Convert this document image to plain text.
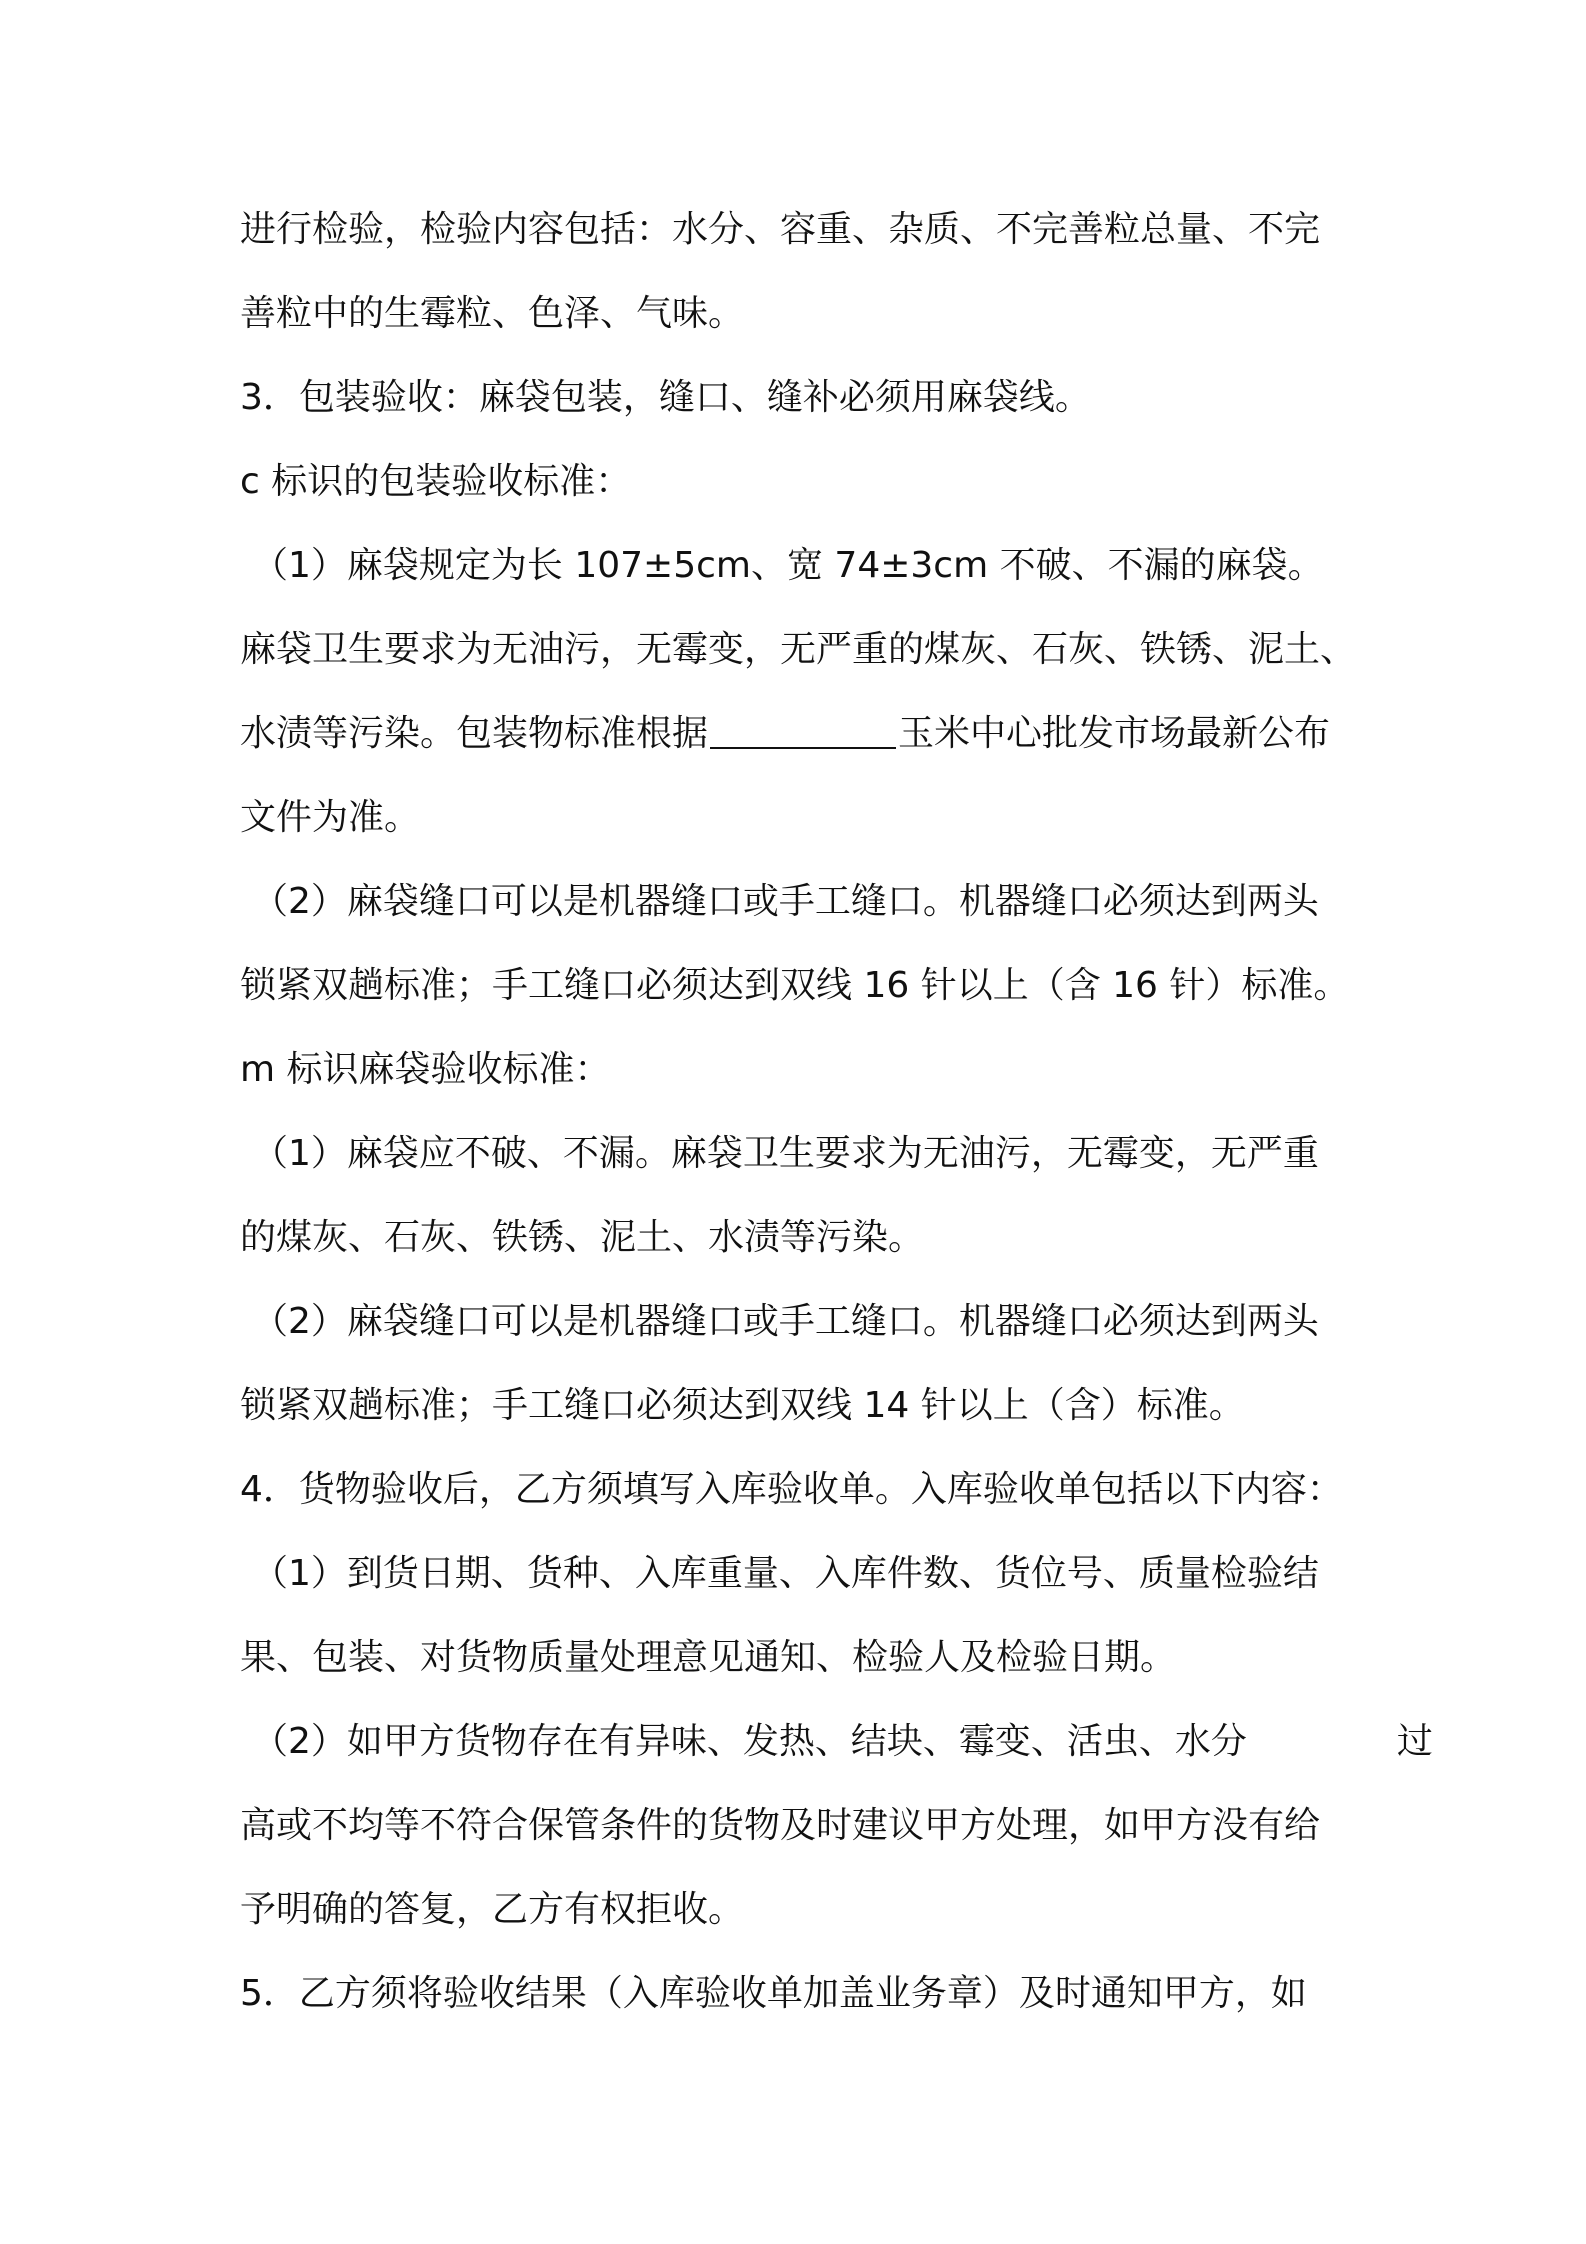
进行检验，检验内容包括：水分、容重、杂质、不完善粒总量、不完
善粒中的生霉粒、色泽、气味。
3．包装验收：麻袋包装，缝口、缝补必须用麻袋线。
c 标识的包装验收标准：
（1）麻袋规定为长 107±5cm、宽 74±3cm 不破、不漏的麻袋。
麻袋卫生要求为无油污，无霉变，无严重的煤灰、石灰、铁锈、泥土、
水渍等污染。包装物标准根据	玉米中心批发市场最新公布
文件为准。
（2）麻袋缝口可以是机器缝口或手工缝口。机器缝口必须达到两头
锁紧双趟标准；手工缝口必须达到双线 16 针以上（含 16 针）标准。
m 标识麻袋验收标准：
（1）麻袋应不破、不漏。麻袋卫生要求为无油污，无霉变，无严重
的煤灰、石灰、铁锈、泥土、水渍等污染。
（2）麻袋缝口可以是机器缝口或手工缝口。机器缝口必须达到两头
锁紧双趟标准；手工缝口必须达到双线 14 针以上（含）标准。
4．货物验收后，乙方须填写入库验收单。入库验收单包括以下内容：
（1）到货日期、货种、入库重量、入库件数、货位号、质量检验结
果、包装、对货物质量处理意见通知、检验人及检验日期。
（2）如甲方货物存在有异味、发热、结块、霉变、活虫、水分	过
高或不均等不符合保管条件的货物及时建议甲方处理，如甲方没有给
予明确的答复，乙方有权拒收。
5．乙方须将验收结果（入库验收单加盖业务章）及时通知甲方，如
